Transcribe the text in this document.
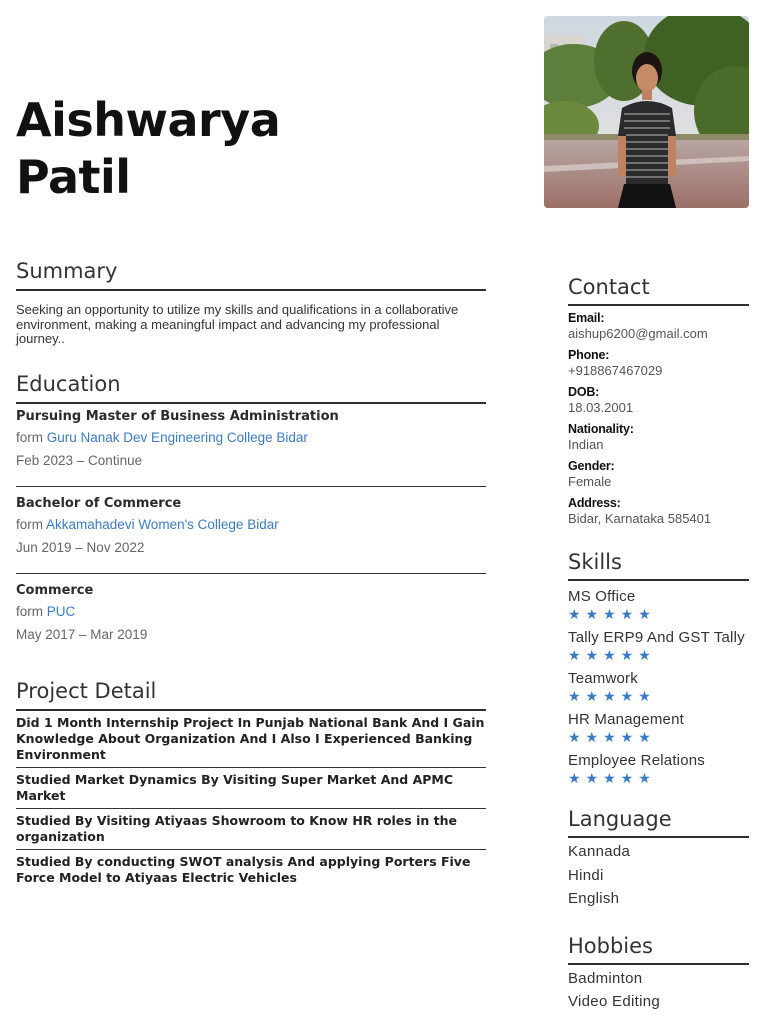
Aishwarya
Patil
Summary
Seeking an opportunity to utilize my skills and qualifications in a collaborative environment, making a meaningful impact and advancing my professional journey..
Education
Pursuing Master of Business Administration
form Guru Nanak Dev Engineering College Bidar
Feb 2023 – Continue
Bachelor of Commerce
form Akkamahadevi Women's College Bidar
Jun 2019 – Nov 2022
Commerce
form PUC
May 2017 – Mar 2019
Project Detail
Did 1 Month Internship Project In Punjab National Bank And I Gain Knowledge About Organization And I Also I Experienced Banking Environment
Studied Market Dynamics By Visiting Super Market And APMC Market
Studied By Visiting Atiyaas Showroom to Know HR roles in the organization
Studied By conducting SWOT analysis And applying Porters Five Force Model to Atiyaas Electric Vehicles
Contact
Email:
aishup6200@gmail.com
Phone:
+918867467029
DOB:
18.03.2001
Nationality:
Indian
Gender:
Female
Address:
Bidar, Karnataka 585401
Skills
MS Office
★★★★★
Tally ERP9 And GST Tally
★★★★★
Teamwork
★★★★★
HR Management
★★★★★
Employee Relations
★★★★★
Language
Kannada
Hindi
English
Hobbies
Badminton
Video Editing
